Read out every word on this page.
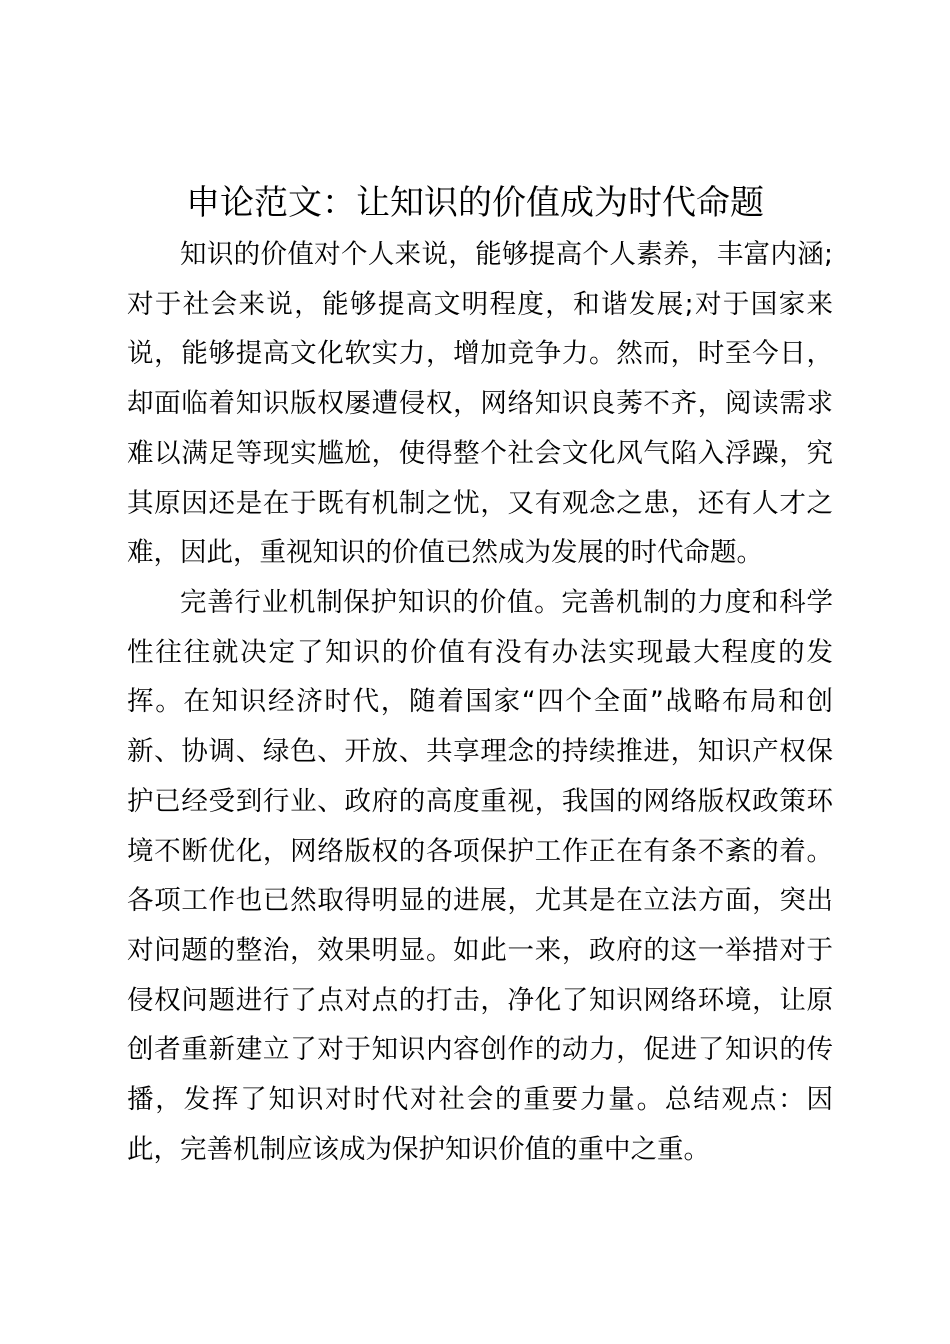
申论范文：让知识的价值成为时代命题

知识的价值对个人来说，能够提高个人素养，丰富内涵;对于社会来说，能够提高文明程度，和谐发展;对于国家来说，能够提高文化软实力，增加竞争力。然而，时至今日，却面临着知识版权屡遭侵权，网络知识良莠不齐，阅读需求难以满足等现实尴尬，使得整个社会文化风气陷入浮躁，究其原因还是在于既有机制之忧，又有观念之患，还有人才之难，因此，重视知识的价值已然成为发展的时代命题。

完善行业机制保护知识的价值。完善机制的力度和科学性往往就决定了知识的价值有没有办法实现最大程度的发挥。在知识经济时代，随着国家“四个全面”战略布局和创新、协调、绿色、开放、共享理念的持续推进，知识产权保护已经受到行业、政府的高度重视，我国的网络版权政策环境不断优化，网络版权的各项保护工作正在有条不紊的着。各项工作也已然取得明显的进展，尤其是在立法方面，突出对问题的整治，效果明显。如此一来，政府的这一举措对于侵权问题进行了点对点的打击，净化了知识网络环境，让原创者重新建立了对于知识内容创作的动力，促进了知识的传播，发挥了知识对时代对社会的重要力量。总结观点：因此，完善机制应该成为保护知识价值的重中之重。
